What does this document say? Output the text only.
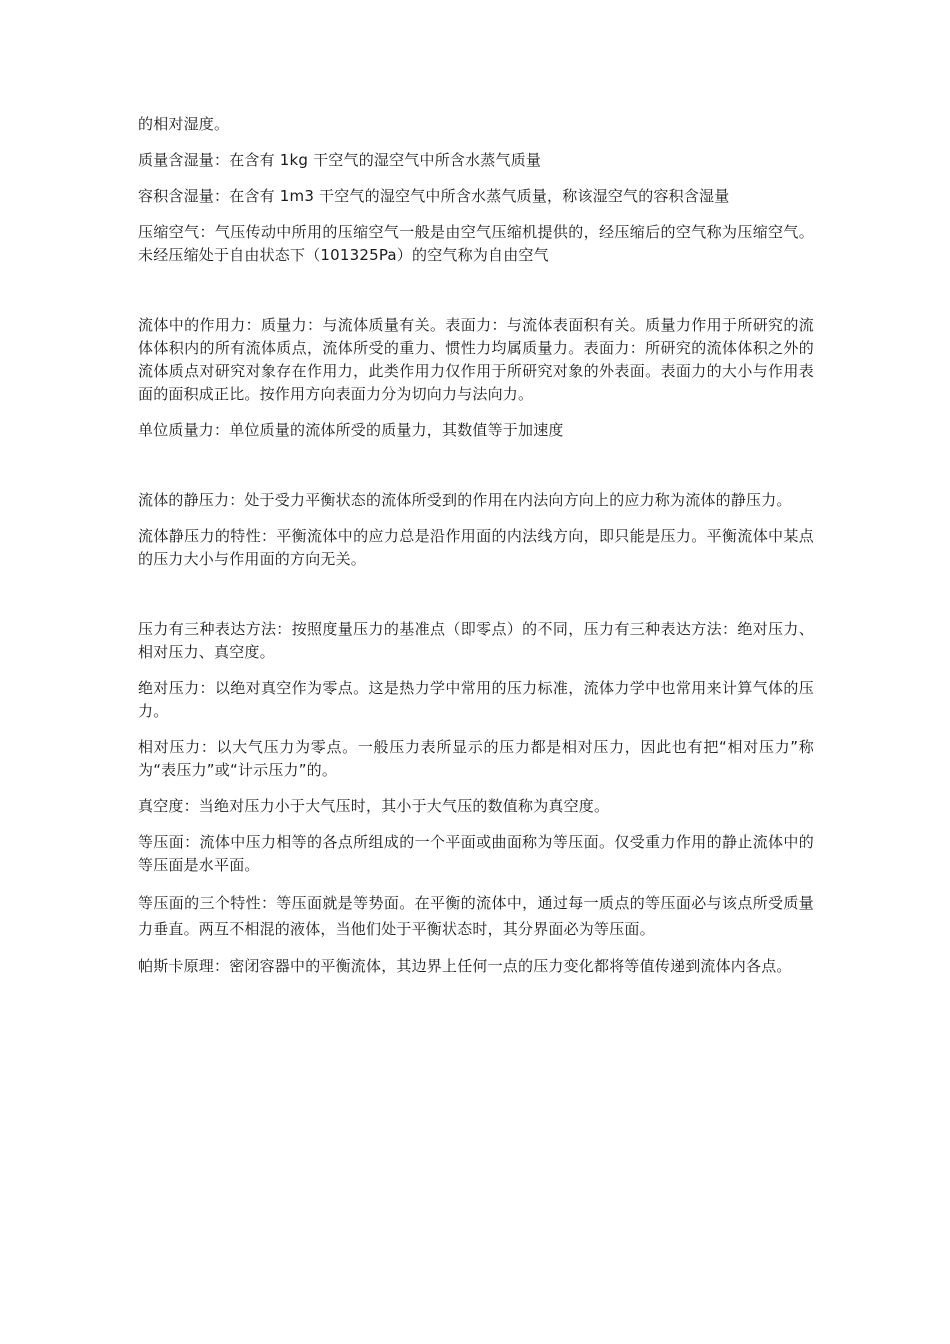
的相对湿度。

质量含湿量：在含有 1kg 干空气的湿空气中所含水蒸气质量

容积含湿量：在含有 1m3 干空气的湿空气中所含水蒸气质量，称该湿空气的容积含湿量

压缩空气：气压传动中所用的压缩空气一般是由空气压缩机提供的，经压缩后的空气称为压缩空气。未经压缩处于自由状态下（101325Pa）的空气称为自由空气

流体中的作用力：质量力：与流体质量有关。表面力：与流体表面积有关。质量力作用于所研究的流体体积内的所有流体质点，流体所受的重力、惯性力均属质量力。表面力：所研究的流体体积之外的流体质点对研究对象存在作用力，此类作用力仅作用于所研究对象的外表面。表面力的大小与作用表面的面积成正比。按作用方向表面力分为切向力与法向力。

单位质量力：单位质量的流体所受的质量力，其数值等于加速度

流体的静压力：处于受力平衡状态的流体所受到的作用在内法向方向上的应力称为流体的静压力。

流体静压力的特性：平衡流体中的应力总是沿作用面的内法线方向，即只能是压力。平衡流体中某点的压力大小与作用面的方向无关。

压力有三种表达方法：按照度量压力的基准点（即零点）的不同，压力有三种表达方法：绝对压力、相对压力、真空度。

绝对压力：以绝对真空作为零点。这是热力学中常用的压力标准，流体力学中也常用来计算气体的压力。

相对压力：以大气压力为零点。一般压力表所显示的压力都是相对压力，因此也有把“相对压力”称为“表压力”或“计示压力”的。

真空度：当绝对压力小于大气压时，其小于大气压的数值称为真空度。

等压面：流体中压力相等的各点所组成的一个平面或曲面称为等压面。仅受重力作用的静止流体中的等压面是水平面。

等压面的三个特性：等压面就是等势面。在平衡的流体中，通过每一质点的等压面必与该点所受质量力垂直。两互不相混的液体，当他们处于平衡状态时，其分界面必为等压面。

帕斯卡原理：密闭容器中的平衡流体，其边界上任何一点的压力变化都将等值传递到流体内各点。
